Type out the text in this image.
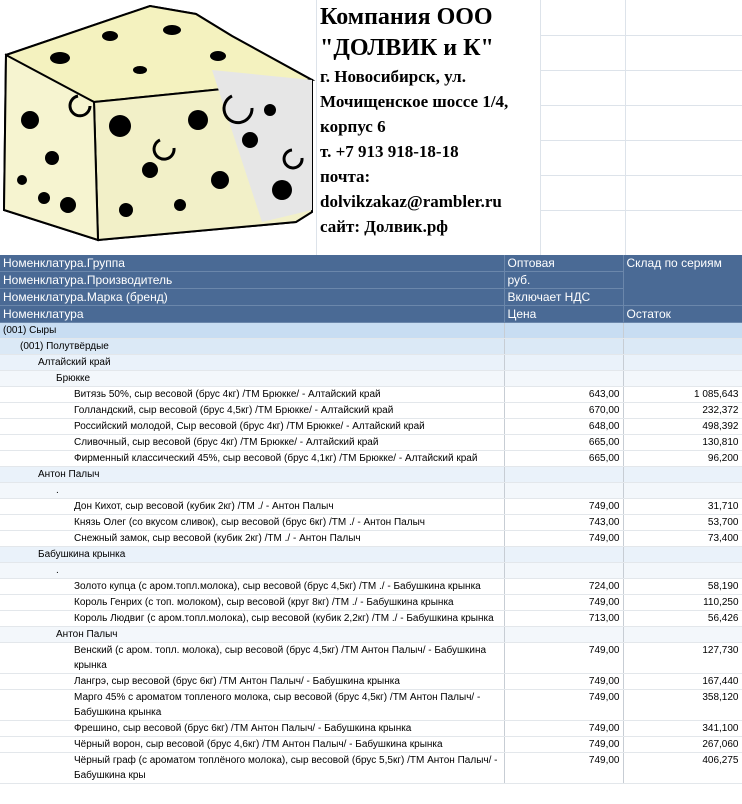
Компания ООО
"ДОЛВИК и К"
г. Новосибирск, ул.
Мочищенское шоссе 1/4,
корпус 6
т. +7 913 918-18-18
почта:
dolvikzakaz@rambler.ru
сайт: Долвик.рф
Номенклатура.Группа	Оптовая	Склад по сериям
Номенклатура.Производитель	руб.	
Номенклатура.Марка (бренд)	Включает НДС	
Номенклатура	Цена	Остаток
(001) Сыры		
(001) Полутвёрдые		
Алтайский край		
Брюкке		
Витязь 50%, сыр весовой (брус 4кг) /ТМ Брюкке/ - Алтайский край	643,00	1 085,643
Голландский, сыр весовой (брус 4,5кг) /ТМ Брюкке/ - Алтайский край	670,00	232,372
Российский молодой, Сыр весовой (брус 4кг) /ТМ Брюкке/ - Алтайский край	648,00	498,392
Сливочный, сыр весовой (брус 4кг) /ТМ Брюкке/ - Алтайский край	665,00	130,810
Фирменный классический 45%, сыр весовой (брус 4,1кг) /ТМ Брюкке/ - Алтайский край	665,00	96,200
Антон Палыч		
.		
Дон Кихот, сыр весовой (кубик 2кг) /ТМ ./ - Антон Палыч	749,00	31,710
Князь Олег (со вкусом сливок), сыр весовой (брус 6кг) /ТМ ./ - Антон Палыч	743,00	53,700
Снежный замок, сыр весовой (кубик 2кг) /ТМ ./ - Антон Палыч	749,00	73,400
Бабушкина крынка		
.		
Золото купца (с аром.топл.молока), сыр весовой (брус 4,5кг) /ТМ ./ - Бабушкина крынка	724,00	58,190
Король Генрих (с топ. молоком), сыр весовой (круг 8кг) /ТМ ./ - Бабушкина крынка	749,00	110,250
Король Людвиг (с аром.топл.молока), сыр весовой (кубик 2,2кг) /ТМ ./ - Бабушкина крынка	713,00	56,426
Антон Палыч		
Венский (с аром. топл. молока), сыр весовой (брус 4,5кг) /ТМ Антон Палыч/ - Бабушкина крынка	749,00	127,730
Лангрэ, сыр весовой (брус 6кг) /ТМ Антон Палыч/ - Бабушкина крынка	749,00	167,440
Марго 45% с ароматом топленого молока, сыр весовой (брус 4,5кг) /ТМ Антон Палыч/ - Бабушкина крынка	749,00	358,120
Фрешино, сыр весовой (брус 6кг) /ТМ Антон Палыч/ - Бабушкина крынка	749,00	341,100
Чёрный ворон, сыр весовой (брус 4,6кг) /ТМ Антон Палыч/ - Бабушкина крынка	749,00	267,060
Чёрный граф (с ароматом топлёного молока), сыр весовой (брус 5,5кг) /ТМ Антон Палыч/ - Бабушкина кры	749,00	406,275
